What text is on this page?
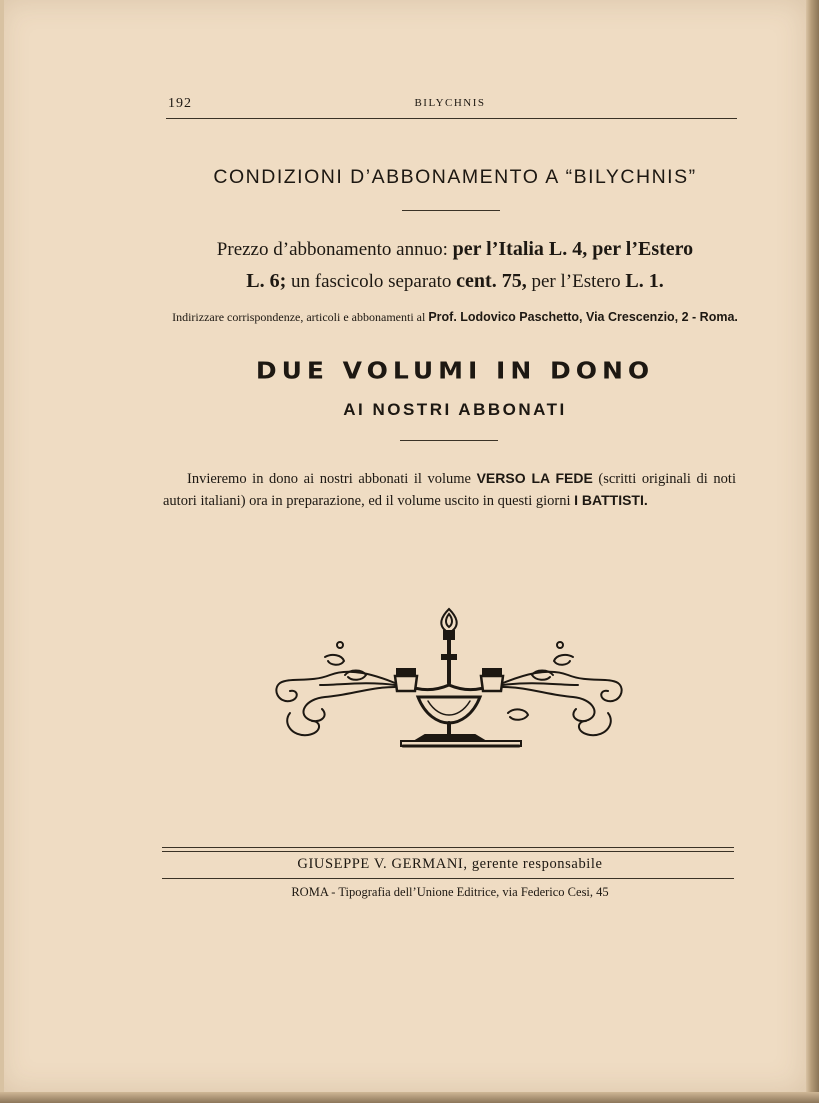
192	BILYCHNIS
CONDIZIONI D’ABBONAMENTO A “BILYCHNIS”
Prezzo d’abbonamento annuo: per l’Italia L. 4, per l’Estero
L. 6; un fascicolo separato cent. 75, per l’Estero L. 1.
Indirizzare corrispondenze, articoli e abbonamenti al Prof. Lodovico Paschetto, Via Crescenzio, 2 - Roma.
DUE VOLUMI IN DONO
AI NOSTRI ABBONATI
Invieremo in dono ai nostri abbonati il volume VERSO LA FEDE (scritti originali di noti autori italiani) ora in preparazione, ed il volume uscito in questi giorni I BATTISTI.
GIUSEPPE V. GERMANI, gerente responsabile
ROMA - Tipografia dell’Unione Editrice, via Federico Cesi, 45
